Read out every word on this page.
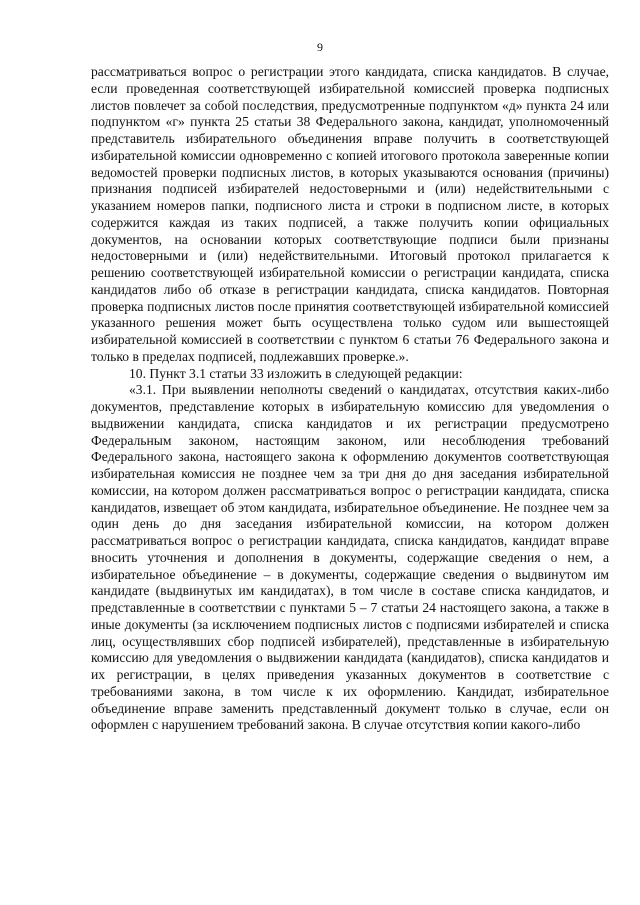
9

рассматриваться вопрос о регистрации этого кандидата, списка кандидатов. В случае, если проведенная соответствующей избирательной комиссией проверка подписных листов повлечет за собой последствия, предусмотренные подпунктом «д» пункта 24 или подпунктом «г» пункта 25 статьи 38 Федерального закона, кандидат, уполномоченный представитель избирательного объединения вправе получить в соответствующей избирательной комиссии одновременно с копией итогового протокола заверенные копии ведомостей проверки подписных листов, в которых указываются основания (причины) признания подписей избирателей недостоверными и (или) недействительными с указанием номеров папки, подписного листа и строки в подписном листе, в которых содержится каждая из таких подписей, а также получить копии официальных документов, на основании которых соответствующие подписи были признаны недостоверными и (или) недействительными. Итоговый протокол прилагается к решению соответствующей избирательной комиссии о регистрации кандидата, списка кандидатов либо об отказе в регистрации кандидата, списка кандидатов. Повторная проверка подписных листов после принятия соответствующей избирательной комиссией указанного решения может быть осуществлена только судом или вышестоящей избирательной комиссией в соответствии с пунктом 6 статьи 76 Федерального закона и только в пределах подписей, подлежавших проверке.».

10. Пункт 3.1 статьи 33 изложить в следующей редакции:

«3.1. При выявлении неполноты сведений о кандидатах, отсутствия каких-либо документов, представление которых в избирательную комиссию для уведомления о выдвижении кандидата, списка кандидатов и их регистрации предусмотрено Федеральным законом, настоящим законом, или несоблюдения требований Федерального закона, настоящего закона к оформлению документов соответствующая избирательная комиссия не позднее чем за три дня до дня заседания избирательной комиссии, на котором должен рассматриваться вопрос о регистрации кандидата, списка кандидатов, извещает об этом кандидата, избирательное объединение. Не позднее чем за один день до дня заседания избирательной комиссии, на котором должен рассматриваться вопрос о регистрации кандидата, списка кандидатов, кандидат вправе вносить уточнения и дополнения в документы, содержащие сведения о нем, а избирательное объединение – в документы, содержащие сведения о выдвинутом им кандидате (выдвинутых им кандидатах), в том числе в составе списка кандидатов, и представленные в соответствии с пунктами 5 – 7 статьи 24 настоящего закона, а также в иные документы (за исключением подписных листов с подписями избирателей и списка лиц, осуществлявших сбор подписей избирателей), представленные в избирательную комиссию для уведомления о выдвижении кандидата (кандидатов), списка кандидатов и их регистрации, в целях приведения указанных документов в соответствие с требованиями закона, в том числе к их оформлению. Кандидат, избирательное объединение вправе заменить представленный документ только в случае, если он оформлен с нарушением требований закона. В случае отсутствия копии какого-либо
